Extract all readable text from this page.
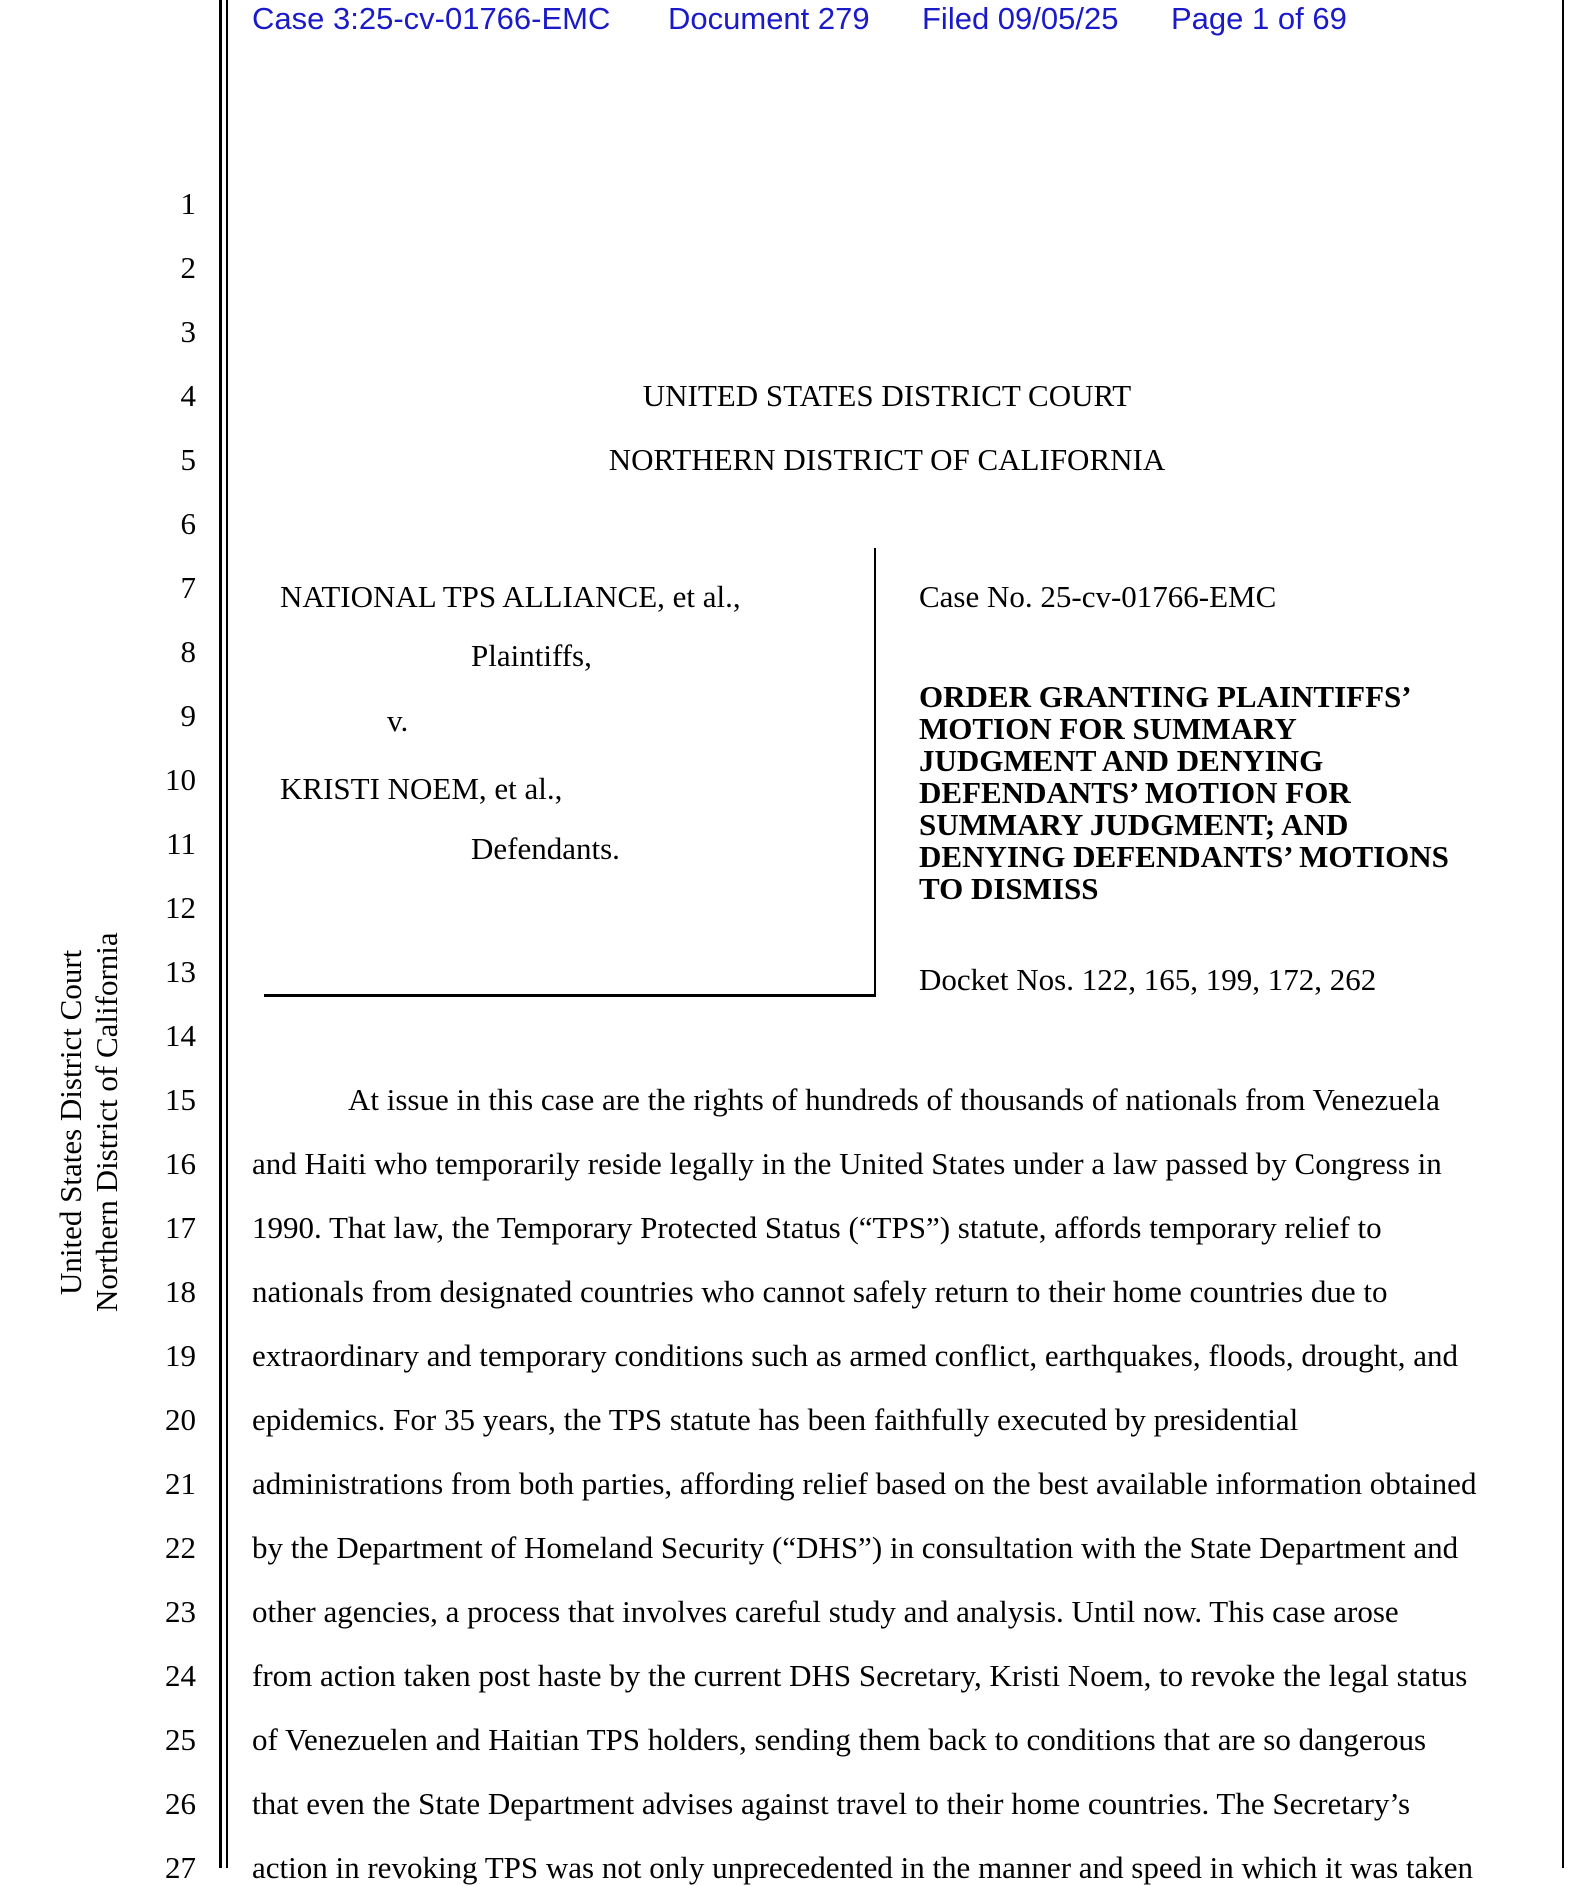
Case 3:25-cv-01766-EMC Document 279 Filed 09/05/25 Page 1 of 69
United States District Court Northern District of California
1
2
3
4
5
6
7
8
9
10
11
12
13
14
15
16
17
18
19
20
21
22
23
24
25
26
27
UNITED STATES DISTRICT COURT
NORTHERN DISTRICT OF CALIFORNIA
NATIONAL TPS ALLIANCE, et al.,
Plaintiffs,
v.
KRISTI NOEM, et al.,
Defendants.
Case No. 25-cv-01766-EMC
ORDER GRANTING PLAINTIFFS’
MOTION FOR SUMMARY
JUDGMENT AND DENYING
DEFENDANTS’ MOTION FOR
SUMMARY JUDGMENT; AND
DENYING DEFENDANTS’ MOTIONS
TO DISMISS
Docket Nos. 122, 165, 199, 172, 262
At issue in this case are the rights of hundreds of thousands of nationals from Venezuela
and Haiti who temporarily reside legally in the United States under a law passed by Congress in
1990. That law, the Temporary Protected Status (“TPS”) statute, affords temporary relief to
nationals from designated countries who cannot safely return to their home countries due to
extraordinary and temporary conditions such as armed conflict, earthquakes, floods, drought, and
epidemics. For 35 years, the TPS statute has been faithfully executed by presidential
administrations from both parties, affording relief based on the best available information obtained
by the Department of Homeland Security (“DHS”) in consultation with the State Department and
other agencies, a process that involves careful study and analysis. Until now. This case arose
from action taken post haste by the current DHS Secretary, Kristi Noem, to revoke the legal status
of Venezuelen and Haitian TPS holders, sending them back to conditions that are so dangerous
that even the State Department advises against travel to their home countries. The Secretary’s
action in revoking TPS was not only unprecedented in the manner and speed in which it was taken
